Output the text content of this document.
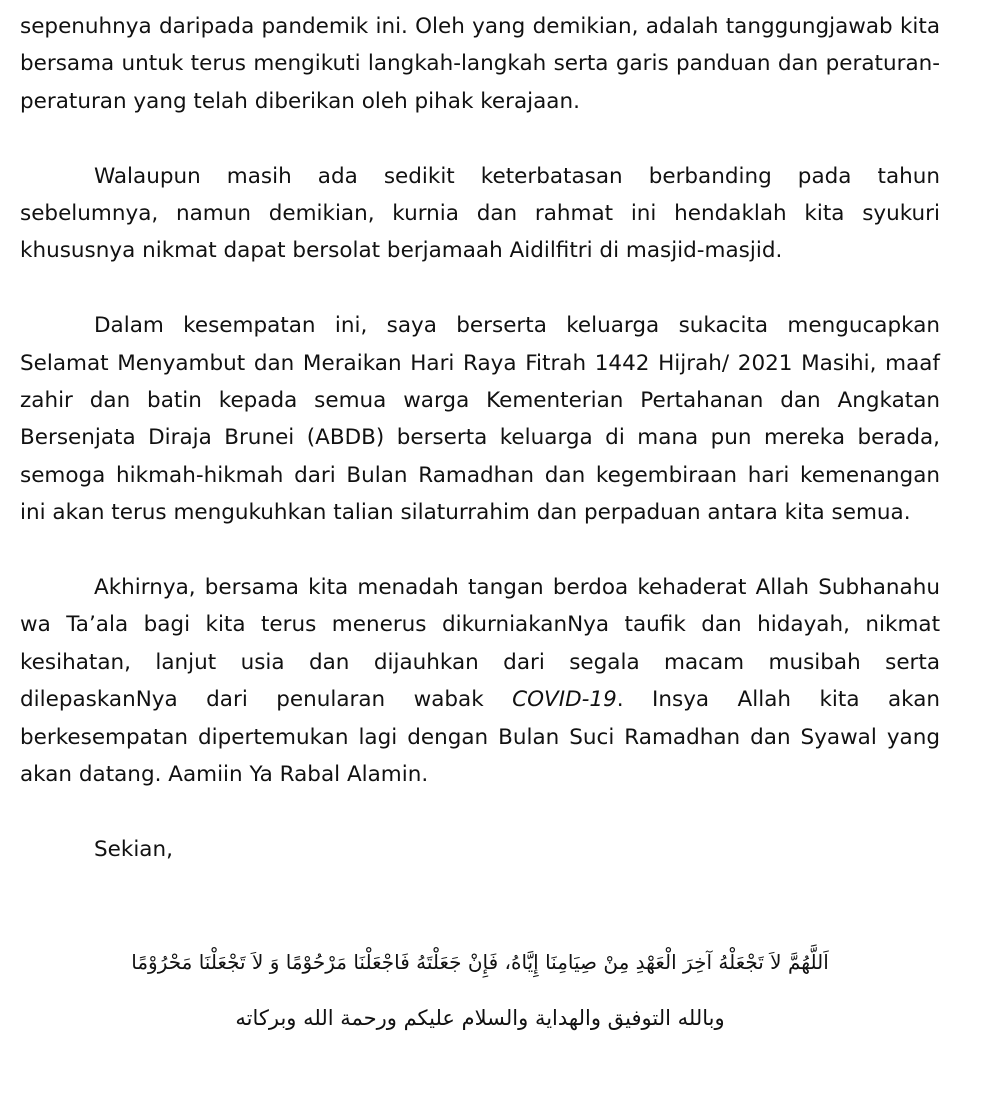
sepenuhnya daripada pandemik ini. Oleh yang demikian, adalah tanggungjawab kita bersama untuk terus mengikuti langkah-langkah serta garis panduan dan peraturan-peraturan yang telah diberikan oleh pihak kerajaan.

Walaupun masih ada sedikit keterbatasan berbanding pada tahun sebelumnya, namun demikian, kurnia dan rahmat ini hendaklah kita syukuri khususnya nikmat dapat bersolat berjamaah Aidilfitri di masjid-masjid.

Dalam kesempatan ini, saya berserta keluarga sukacita mengucapkan Selamat Menyambut dan Meraikan Hari Raya Fitrah 1442 Hijrah/ 2021 Masihi, maaf zahir dan batin kepada semua warga Kementerian Pertahanan dan Angkatan Bersenjata Diraja Brunei (ABDB) berserta keluarga di mana pun mereka berada, semoga hikmah-hikmah dari Bulan Ramadhan dan kegembiraan hari kemenangan ini akan terus mengukuhkan talian silaturrahim dan perpaduan antara kita semua.

Akhirnya, bersama kita menadah tangan berdoa kehaderat Allah Subhanahu wa Ta’ala bagi kita terus menerus dikurniakanNya taufik dan hidayah, nikmat kesihatan, lanjut usia dan dijauhkan dari segala macam musibah serta dilepaskanNya dari penularan wabak COVID-19. Insya Allah kita akan berkesempatan dipertemukan lagi dengan Bulan Suci Ramadhan dan Syawal yang akan datang. Aamiin Ya Rabal Alamin.

Sekian,

اَللَّهُمَّ لاَ تَجْعَلْهُ آخِرَ الْعَهْدِ مِنْ صِيَامِنَا إِيَّاهُ، فَإِنْ جَعَلْتَهُ فَاجْعَلْنَا مَرْحُوْمًا وَ لاَ تَجْعَلْنَا مَحْرُوْمًا

وبالله التوفيق والهداية والسلام عليكم ورحمة الله وبركاته
